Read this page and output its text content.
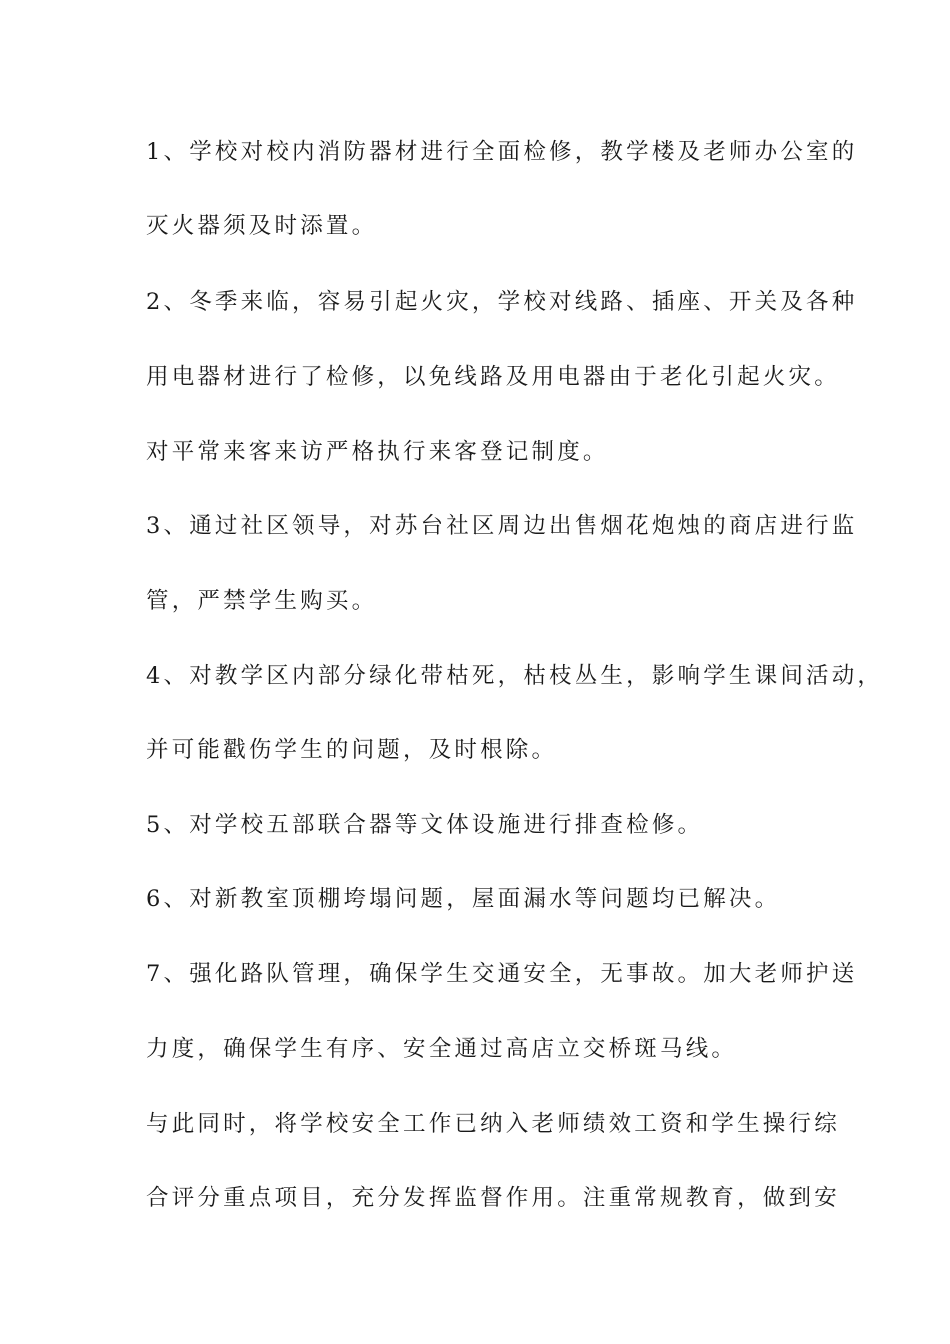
1、学校对校内消防器材进行全面检修，教学楼及老师办公室的
灭火器须及时添置。
2、冬季来临，容易引起火灾，学校对线路、插座、开关及各种
用电器材进行了检修，以免线路及用电器由于老化引起火灾。
对平常来客来访严格执行来客登记制度。
3、通过社区领导，对苏台社区周边出售烟花炮烛的商店进行监
管，严禁学生购买。
4、对教学区内部分绿化带枯死，枯枝丛生，影响学生课间活动，
并可能戳伤学生的问题，及时根除。
5、对学校五部联合器等文体设施进行排查检修。
6、对新教室顶棚垮塌问题，屋面漏水等问题均已解决。
7、强化路队管理，确保学生交通安全，无事故。加大老师护送
力度，确保学生有序、安全通过高店立交桥斑马线。
与此同时，将学校安全工作已纳入老师绩效工资和学生操行综
合评分重点项目，充分发挥监督作用。注重常规教育，做到安
